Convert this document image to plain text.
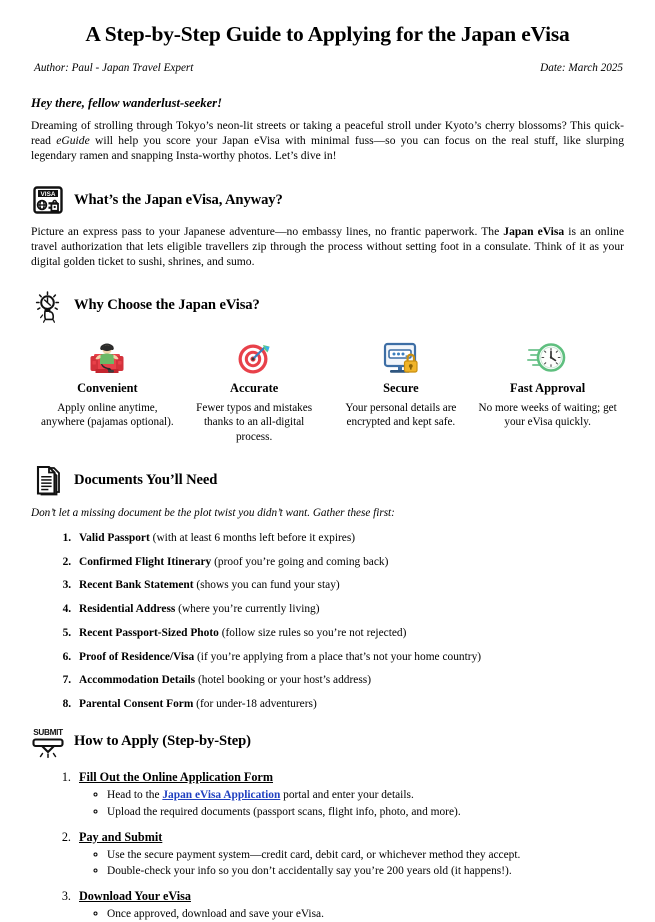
A Step-by-Step Guide to Applying for the Japan eVisa
Author: Paul - Japan Travel Expert	Date: March 2025
Hey there, fellow wanderlust-seeker!

Dreaming of strolling through Tokyo’s neon-lit streets or taking a peaceful stroll under Kyoto’s cherry blossoms? This quick-read eGuide will help you score your Japan eVisa with minimal fuss—so you can focus on the real stuff, like slurping legendary ramen and snapping Insta-worthy photos. Let’s dive in!

VISA What’s the Japan eVisa, Anyway?

Picture an express pass to your Japanese adventure—no embassy lines, no frantic paperwork. The Japan eVisa is an online travel authorization that lets eligible travellers zip through the process without setting foot in a consulate. Think of it as your digital golden ticket to sushi, shrines, and sumo.

Why Choose the Japan eVisa?
Convenient
Apply online anytime, anywhere (pajamas optional).
Accurate
Fewer typos and mistakes thanks to an all-digital process.
Secure
Your personal details are encrypted and kept safe.
Fast Approval
No more weeks of waiting; get your eVisa quickly.
Documents You’ll Need

Don’t let a missing document be the plot twist you didn’t want. Gather these first:

1. Valid Passport (with at least 6 months left before it expires)
2. Confirmed Flight Itinerary (proof you’re going and coming back)
3. Recent Bank Statement (shows you can fund your stay)
4. Residential Address (where you’re currently living)
5. Recent Passport-Sized Photo (follow size rules so you’re not rejected)
6. Proof of Residence/Visa (if you’re applying from a place that’s not your home country)
7. Accommodation Details (hotel booking or your host’s address)
8. Parental Consent Form (for under-18 adventurers)
SUBMIT
How to Apply (Step-by-Step)
1. Fill Out the Online Application Form
◦ Head to the Japan eVisa Application portal and enter your details.
◦ Upload the required documents (passport scans, flight info, photo, and more).
2. Pay and Submit
◦ Use the secure payment system—credit card, debit card, or whichever method they accept.
◦ Double-check your info so you don’t accidentally say you’re 200 years old (it happens!).
3. Download Your eVisa
◦ Once approved, download and save your eVisa.
